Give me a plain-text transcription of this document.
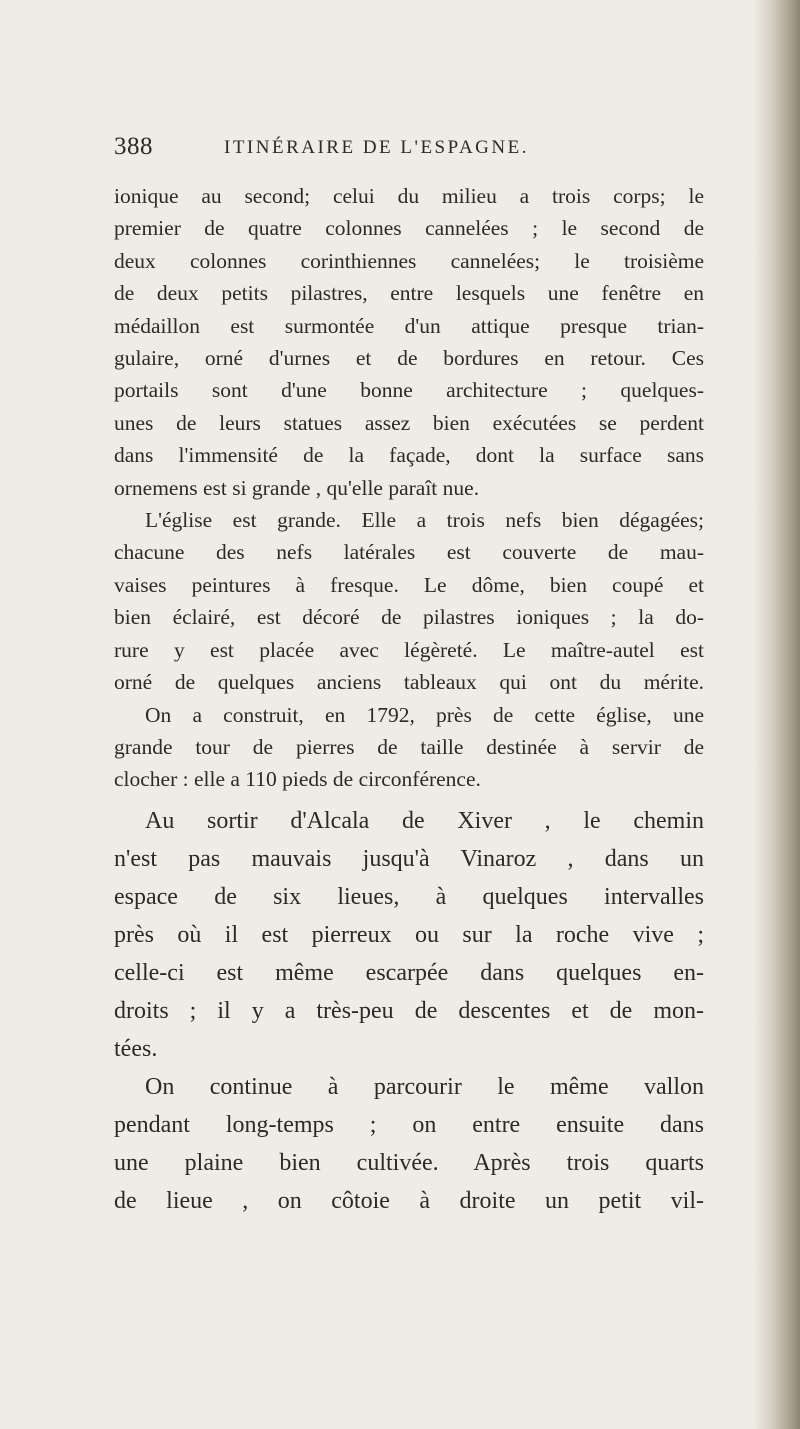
388	ITINÉRAIRE DE L'ESPAGNE.
ionique au second; celui du milieu a trois corps; le
premier de quatre colonnes cannelées ; le second de
deux colonnes corinthiennes cannelées; le troisième
de deux petits pilastres, entre lesquels une fenêtre en
médaillon est surmontée d'un attique presque trian-
gulaire, orné d'urnes et de bordures en retour. Ces
portails sont d'une bonne architecture ; quelques-
unes de leurs statues assez bien exécutées se perdent
dans l'immensité de la façade, dont la surface sans
ornemens est si grande , qu'elle paraît nue.
L'église est grande. Elle a trois nefs bien dégagées;
chacune des nefs latérales est couverte de mau-
vaises peintures à fresque. Le dôme, bien coupé et
bien éclairé, est décoré de pilastres ioniques ; la do-
rure y est placée avec légèreté. Le maître-autel est
orné de quelques anciens tableaux qui ont du mérite.
On a construit, en 1792, près de cette église, une
grande tour de pierres de taille destinée à servir de
clocher : elle a 110 pieds de circonférence.
Au sortir d'Alcala de Xiver , le chemin
n'est pas mauvais jusqu'à Vinaroz , dans un
espace de six lieues, à quelques intervalles
près où il est pierreux ou sur la roche vive ;
celle-ci est même escarpée dans quelques en-
droits ; il y a très-peu de descentes et de mon-
tées.
On continue à parcourir le même vallon
pendant long-temps ; on entre ensuite dans
une plaine bien cultivée. Après trois quarts
de lieue , on côtoie à droite un petit vil-
